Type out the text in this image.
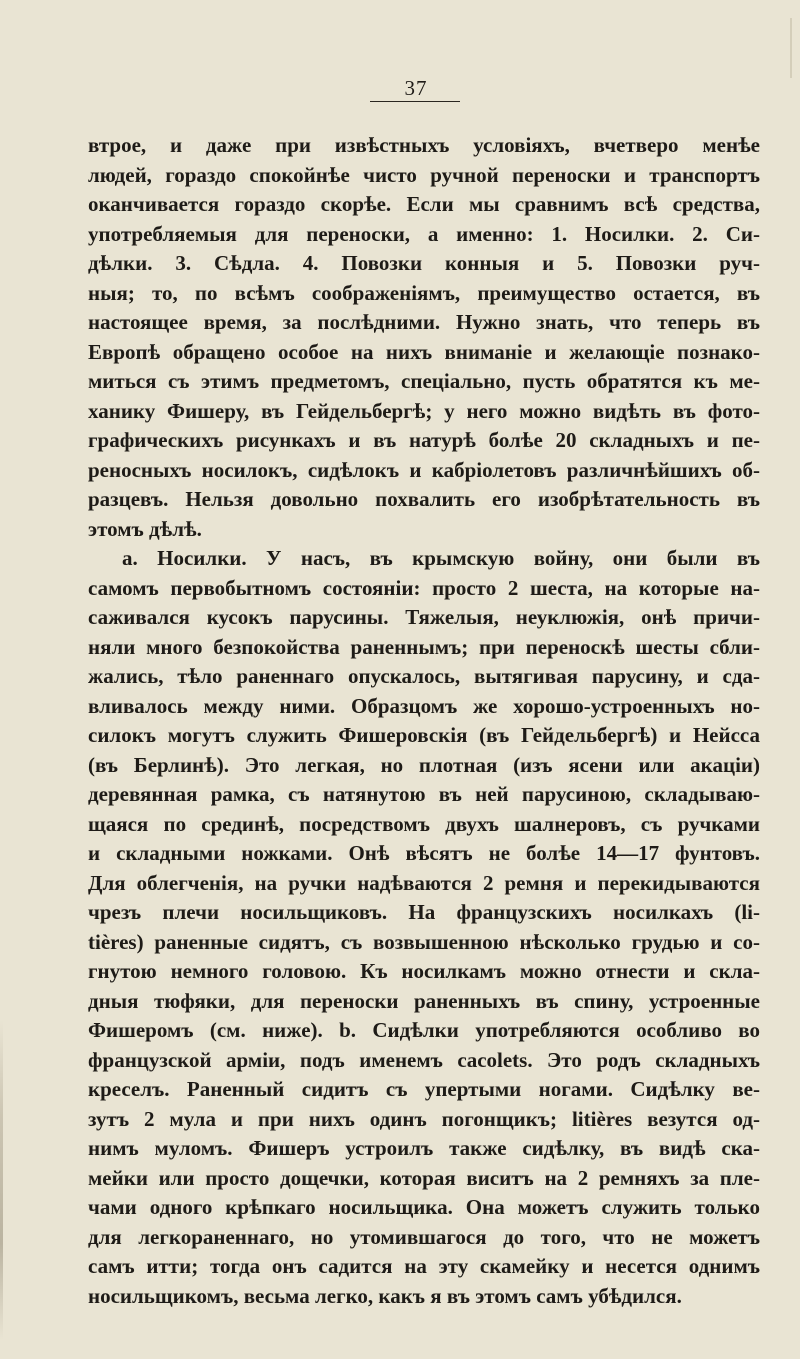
37
втрое, и даже при извѣстныхъ условіяхъ, вчетверо менѣе
людей, гораздо спокойнѣе чисто ручной переноски и транспортъ
оканчивается гораздо скорѣе. Если мы сравнимъ всѣ средства,
употребляемыя для переноски, а именно: 1. Носилки. 2. Си-
дѣлки. 3. Сѣдла. 4. Повозки конныя и 5. Повозки руч-
ныя; то, по всѣмъ соображеніямъ, преимущество остается, въ
настоящее время, за послѣдними. Нужно знать, что теперь въ
Европѣ обращено особое на нихъ вниманіе и желающіе познако-
миться съ этимъ предметомъ, спеціально, пусть обратятся къ ме-
ханику Фишеру, въ Гейдельбергѣ; у него можно видѣть въ фото-
графическихъ рисункахъ и въ натурѣ болѣе 20 складныхъ и пе-
реносныхъ носилокъ, сидѣлокъ и кабріолетовъ различнѣйшихъ об-
разцевъ. Нельзя довольно похвалить его изобрѣтательность въ
этомъ дѣлѣ.
а. Носилки. У насъ, въ крымскую войну, они были въ
самомъ первобытномъ состояніи: просто 2 шеста, на которые на-
саживался кусокъ парусины. Тяжелыя, неуклюжія, онѣ причи-
няли много безпокойства раненнымъ; при переноскѣ шесты сбли-
жались, тѣло раненнаго опускалось, вытягивая парусину, и сда-
вливалось между ними. Образцомъ же хорошо-устроенныхъ но-
силокъ могутъ служить Фишеровскія (въ Гейдельбергѣ) и Нейсса
(въ Берлинѣ). Это легкая, но плотная (изъ ясени или акаціи)
деревянная рамка, съ натянутою въ ней парусиною, складываю-
щаяся по срединѣ, посредствомъ двухъ шалнеровъ, съ ручками
и складными ножками. Онѣ вѣсятъ не болѣе 14—17 фунтовъ.
Для облегченія, на ручки надѣваются 2 ремня и перекидываются
чрезъ плечи носильщиковъ. На французскихъ носилкахъ (li-
tières) раненные сидятъ, съ возвышенною нѣсколько грудью и со-
гнутою немного головою. Къ носилкамъ можно отнести и скла-
дныя тюфяки, для переноски раненныхъ въ спину, устроенные
Фишеромъ (см. ниже). b. Сидѣлки употребляются особливо во
французской арміи, подъ именемъ cacolets. Это родъ складныхъ
креселъ. Раненный сидитъ съ упертыми ногами. Сидѣлку ве-
зутъ 2 мула и при нихъ одинъ погонщикъ; litières везутся од-
нимъ муломъ. Фишеръ устроилъ также сидѣлку, въ видѣ ска-
мейки или просто дощечки, которая виситъ на 2 ремняхъ за пле-
чами одного крѣпкаго носильщика. Она можетъ служить только
для легкораненнаго, но утомившагося до того, что не можетъ
самъ итти; тогда онъ садится на эту скамейку и несется однимъ
носильщикомъ, весьма легко, какъ я въ этомъ самъ убѣдился.
